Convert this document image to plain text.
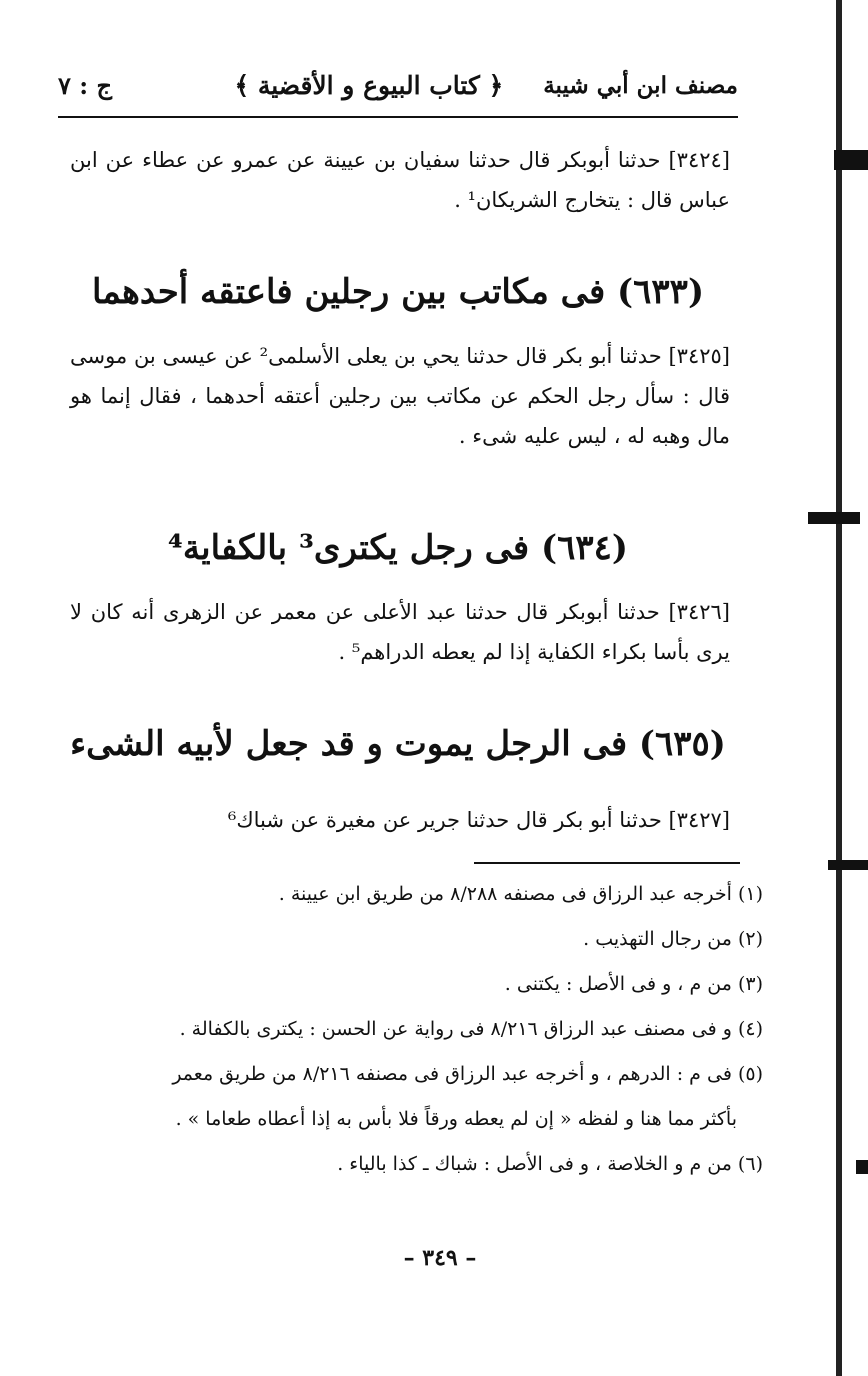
مصنف ابن أبي شيبة
﴿ كتاب البيوع و الأقضية ﴾
ج : ٧
[٣٤٢٤] حدثنا أبوبكر قال حدثنا سفيان بن عيينة عن عمرو عن عطاء عن ابن عباس قال : يتخارج الشريكان¹ .
(٦٣٣) فى مكاتب بين رجلين فاعتقه أحدهما
[٣٤٢٥] حدثنا أبو بكر قال حدثنا يحي بن يعلى الأسلمى² عن عيسى بن موسى قال : سأل رجل الحكم عن مكاتب بين رجلين أعتقه أحدهما ، فقال إنما هو مال وهبه له ، ليس عليه شىء .
(٦٣٤) فى رجل يكترى³ بالكفاية⁴
[٣٤٢٦] حدثنا أبوبكر قال حدثنا عبد الأعلى عن معمر عن الزهرى أنه كان لا يرى بأسا بكراء الكفاية إذا لم يعطه الدراهم⁵ .
(٦٣٥) فى الرجل يموت و قد جعل لأبيه الشىء
[٣٤٢٧] حدثنا أبو بكر قال حدثنا جرير عن مغيرة عن شباك⁶
(١) أخرجه عبد الرزاق فى مصنفه ٨/٢٨٨ من طريق ابن عيينة .
(٢) من رجال التهذيب .
(٣) من م ، و فى الأصل : يكتنى .
(٤) و فى مصنف عبد الرزاق ٨/٢١٦ فى رواية عن الحسن : يكترى بالكفالة .
(٥) فى م : الدرهم ، و أخرجه عبد الرزاق فى مصنفه ٨/٢١٦ من طريق معمر
بأكثر مما هنا و لفظه « إن لم يعطه ورقاً فلا بأس به إذا أعطاه طعاما » .
(٦) من م و الخلاصة ، و فى الأصل : شباك ـ كذا بالياء .
– ٣٤٩ –
